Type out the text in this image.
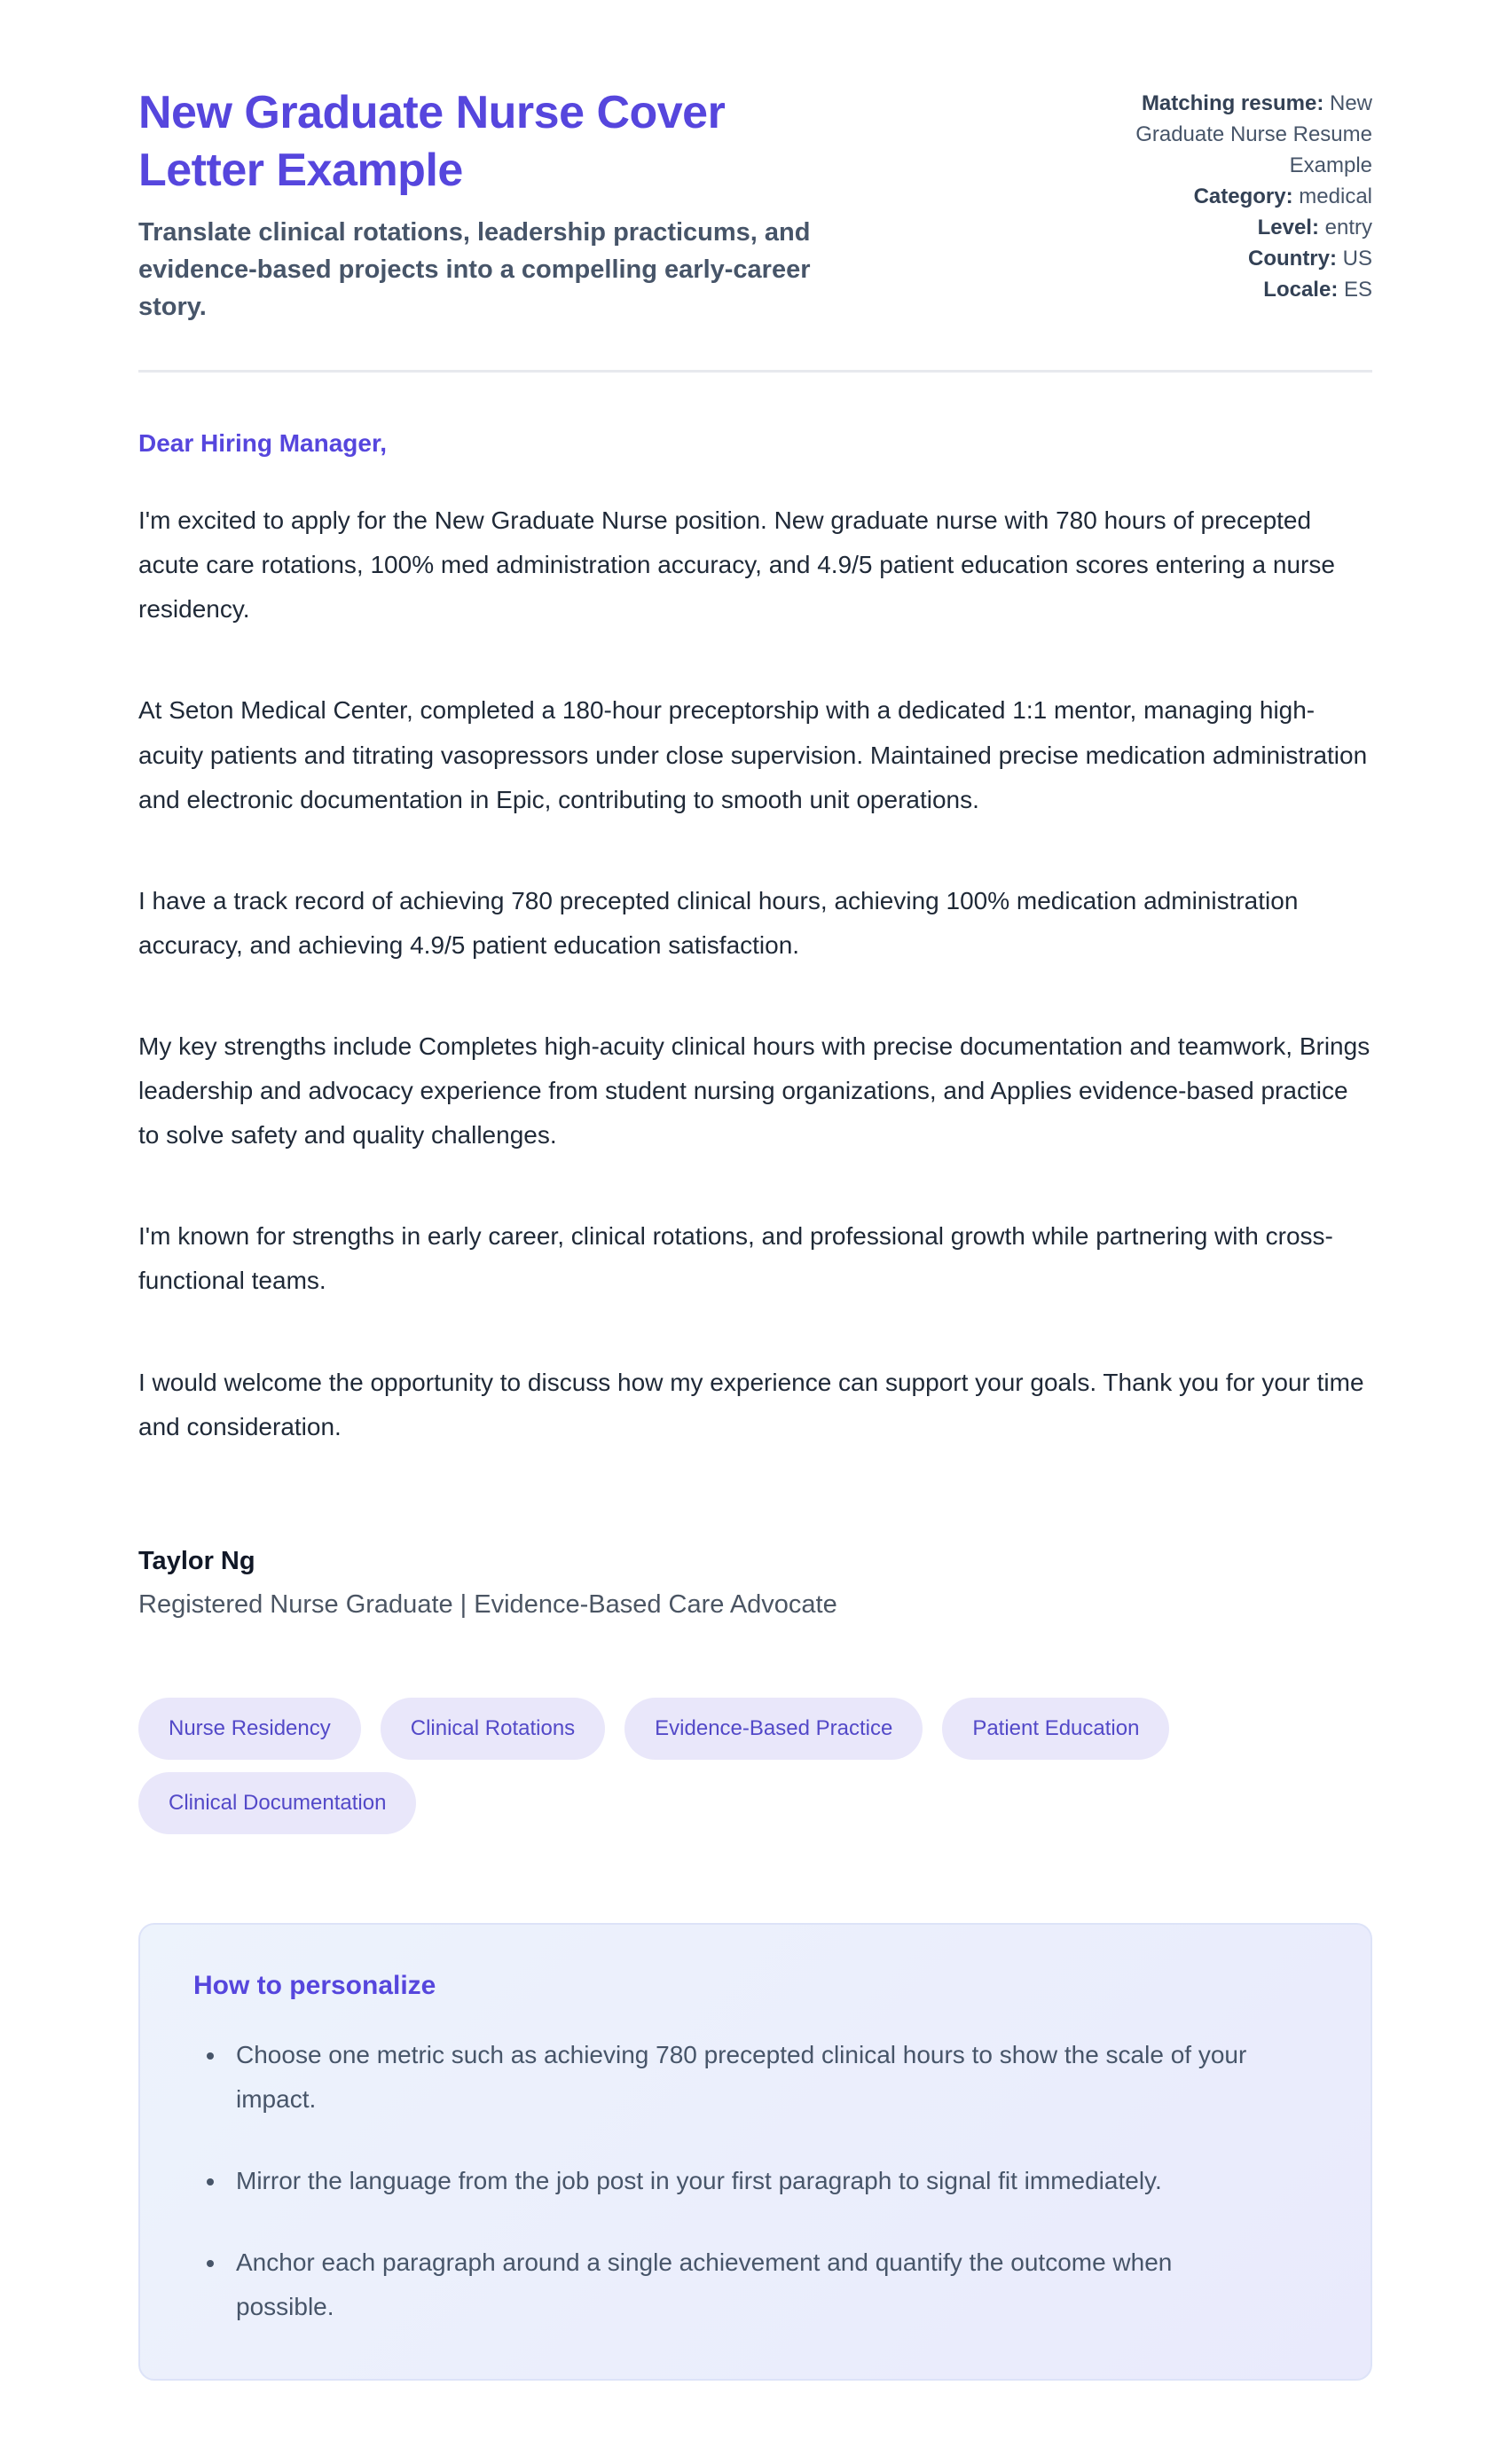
New Graduate Nurse Cover Letter Example

Translate clinical rotations, leadership practicums, and evidence-based projects into a compelling early-career story.

Matching resume: New Graduate Nurse Resume Example

Category: medical

Level: entry

Country: US

Locale: ES

Dear Hiring Manager,

I'm excited to apply for the New Graduate Nurse position. New graduate nurse with 780 hours of precepted acute care rotations, 100% med administration accuracy, and 4.9/5 patient education scores entering a nurse residency.

At Seton Medical Center, completed a 180-hour preceptorship with a dedicated 1:1 mentor, managing high-acuity patients and titrating vasopressors under close supervision. Maintained precise medication administration and electronic documentation in Epic, contributing to smooth unit operations.

I have a track record of achieving 780 precepted clinical hours, achieving 100% medication administration accuracy, and achieving 4.9/5 patient education satisfaction.

My key strengths include Completes high-acuity clinical hours with precise documentation and teamwork, Brings leadership and advocacy experience from student nursing organizations, and Applies evidence-based practice to solve safety and quality challenges.

I'm known for strengths in early career, clinical rotations, and professional growth while partnering with cross-functional teams.

I would welcome the opportunity to discuss how my experience can support your goals. Thank you for your time and consideration.

Taylor Ng

Registered Nurse Graduate | Evidence-Based Care Advocate

Nurse Residency	Clinical Rotations	Evidence-Based Practice	Patient Education
Clinical Documentation
How to personalize
• Choose one metric such as achieving 780 precepted clinical hours to show the scale of your impact.
• Mirror the language from the job post in your first paragraph to signal fit immediately.
• Anchor each paragraph around a single achievement and quantify the outcome when possible.
